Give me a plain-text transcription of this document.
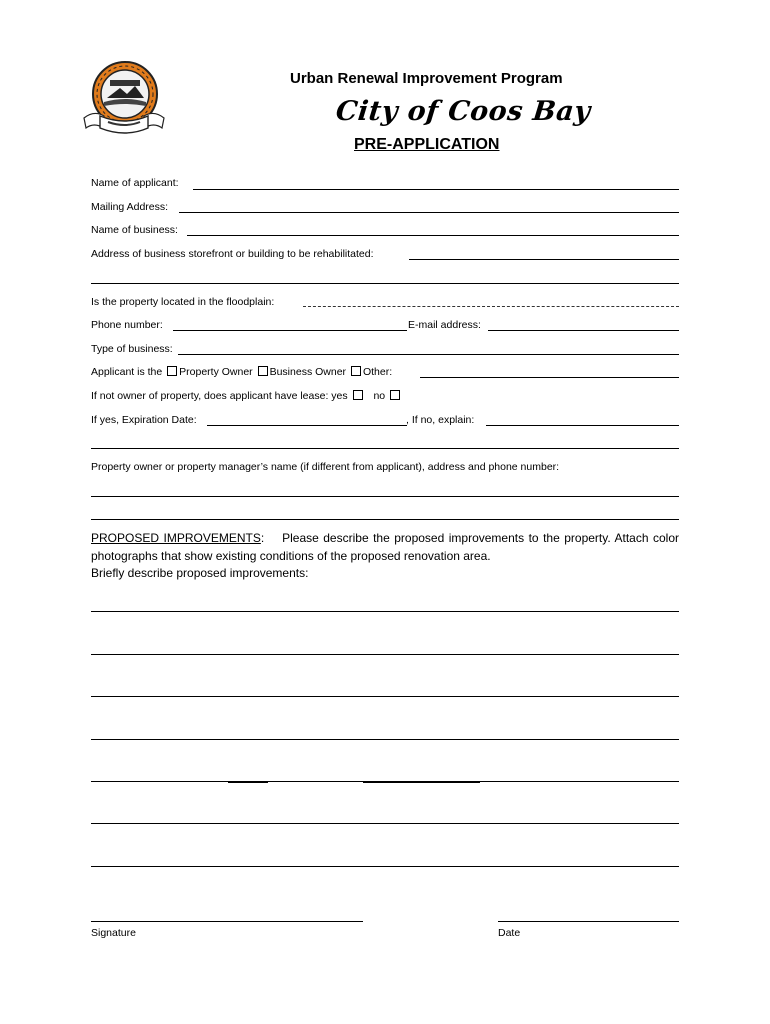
Urban Renewal Improvement Program
City of Coos Bay
PRE-APPLICATION
Name of applicant:
Mailing Address:
Name of business:
Address of business storefront or building to be rehabilitated:
Is the property located in the floodplain:
Phone number:	E-mail address:
Type of business:
Applicant is the Property Owner Business Owner Other:
If not owner of property, does applicant have lease: yes no
If yes, Expiration Date:	, If no, explain:
Property owner or property manager’s name (if different from applicant), address and phone number:
PROPOSED IMPROVEMENTS: Please describe the proposed improvements to the property. Attach color photographs that show existing conditions of the proposed renovation area.
Briefly describe proposed improvements:
Signature	Date
